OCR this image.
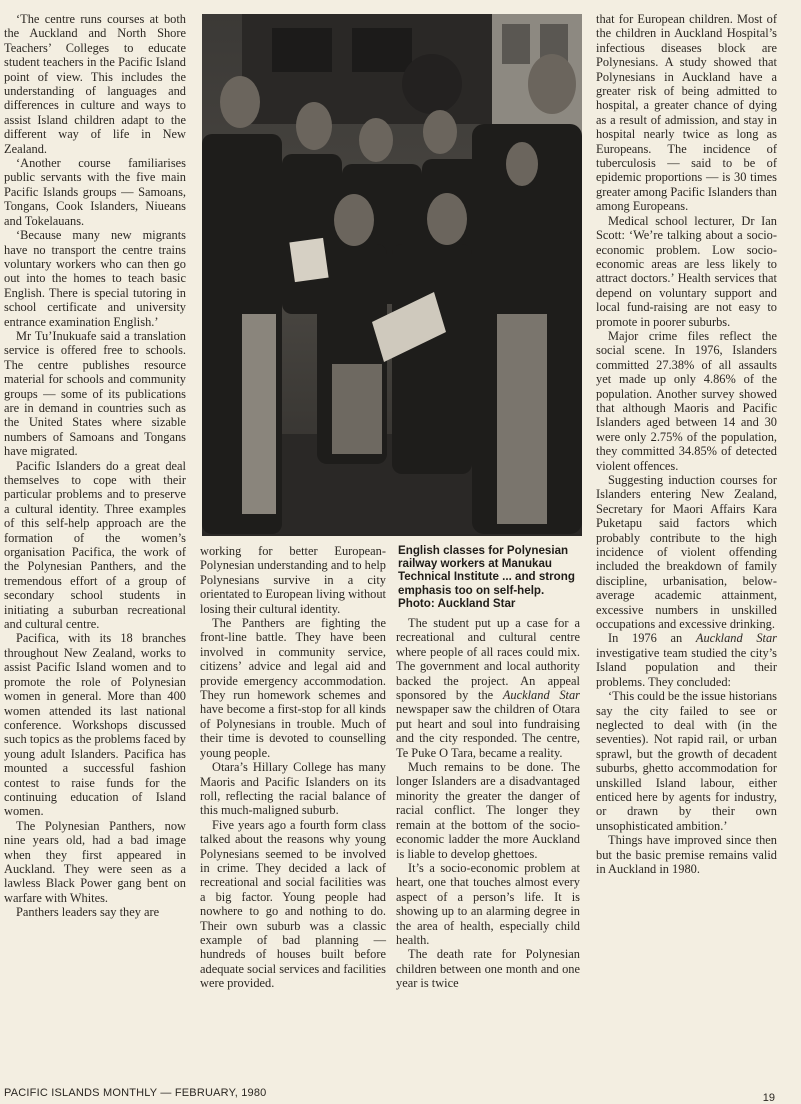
‘The centre runs courses at both the Auckland and North Shore Teachers’ Colleges to educate student teachers in the Pacific Island point of view. This includes the understanding of languages and differences in culture and ways to assist Island children adapt to the different way of life in New Zealand.

‘Another course familiarises public servants with the five main Pacific Islands groups — Samoans, Tongans, Cook Islanders, Niueans and Tokelauans.

‘Because many new migrants have no transport the centre trains voluntary workers who can then go out into the homes to teach basic English. There is special tutoring in school certificate and university entrance examination English.’

Mr Tu’Inukuafe said a translation service is offered free to schools. The centre publishes resource material for schools and community groups — some of its publications are in demand in countries such as the United States where sizable numbers of Samoans and Tongans have migrated.

Pacific Islanders do a great deal themselves to cope with their particular problems and to preserve a cultural identity. Three examples of this self-help approach are the formation of the women’s organisation Pacifica, the work of the Polynesian Panthers, and the tremendous effort of a group of secondary school students in initiating a suburban recreational and cultural centre.

Pacifica, with its 18 branches throughout New Zealand, works to assist Pacific Island women and to promote the role of Polynesian women in general. More than 400 women attended its last national conference. Workshops discussed such topics as the problems faced by young adult Islanders. Pacifica has mounted a successful fashion contest to raise funds for the continuing education of Island women.

The Polynesian Panthers, now nine years old, had a bad image when they first appeared in Auckland. They were seen as a lawless Black Power gang bent on warfare with Whites.

Panthers leaders say they are

working for better European-Polynesian understanding and to help Polynesians survive in a city orientated to European living without losing their cultural identity.

The Panthers are fighting the front-line battle. They have been involved in community service, citizens’ advice and legal aid and provide emergency accommodation. They run homework schemes and have become a first-stop for all kinds of Polynesians in trouble. Much of their time is devoted to counselling young people.

Otara’s Hillary College has many Maoris and Pacific Islanders on its roll, reflecting the racial balance of this much-maligned suburb.

Five years ago a fourth form class talked about the reasons why young Polynesians seemed to be involved in crime. They decided a lack of recreational and social facilities was a big factor. Young people had nowhere to go and nothing to do. Their own suburb was a classic example of bad planning — hundreds of houses built before adequate social services and facilities were provided.

English classes for Polynesian railway workers at Manukau Technical Institute ... and strong emphasis too on self-help. Photo: Auckland Star

The student put up a case for a recreational and cultural centre where people of all races could mix. The government and local authority backed the project. An appeal sponsored by the Auckland Star newspaper saw the children of Otara put heart and soul into fundraising and the city responded. The centre, Te Puke O Tara, became a reality.

Much remains to be done. The longer Islanders are a disadvantaged minority the greater the danger of racial conflict. The longer they remain at the bottom of the socio-economic ladder the more Auckland is liable to develop ghettoes.

It’s a socio-economic problem at heart, one that touches almost every aspect of a person’s life. It is showing up to an alarming degree in the area of health, especially child health.

The death rate for Polynesian children between one month and one year is twice

that for European children. Most of the children in Auckland Hospital’s infectious diseases block are Polynesians. A study showed that Polynesians in Auckland have a greater risk of being admitted to hospital, a greater chance of dying as a result of admission, and stay in hospital nearly twice as long as Europeans. The incidence of tuberculosis — said to be of epidemic proportions — is 30 times greater among Pacific Islanders than among Europeans.

Medical school lecturer, Dr Ian Scott: ‘We’re talking about a socio-economic problem. Low socio-economic areas are less likely to attract doctors.’ Health services that depend on voluntary support and local fund-raising are not easy to promote in poorer suburbs.

Major crime files reflect the social scene. In 1976, Islanders committed 27.38% of all assaults yet made up only 4.86% of the population. Another survey showed that although Maoris and Pacific Islanders aged between 14 and 30 were only 2.75% of the population, they committed 34.85% of detected violent offences.

Suggesting induction courses for Islanders entering New Zealand, Secretary for Maori Affairs Kara Puketapu said factors which probably contribute to the high incidence of violent offending included the breakdown of family discipline, urbanisation, below-average academic attainment, excessive numbers in unskilled occupations and excessive drinking.

In 1976 an Auckland Star investigative team studied the city’s Island population and their problems. They concluded:

‘This could be the issue historians say the city failed to see or neglected to deal with (in the seventies). Not rapid rail, or urban sprawl, but the growth of decadent suburbs, ghetto accommodation for unskilled Island labour, either enticed here by agents for industry, or drawn by their own unsophisticated ambition.’

Things have improved since then but the basic premise remains valid in Auckland in 1980.

PACIFIC ISLANDS MONTHLY — FEBRUARY, 1980	19
